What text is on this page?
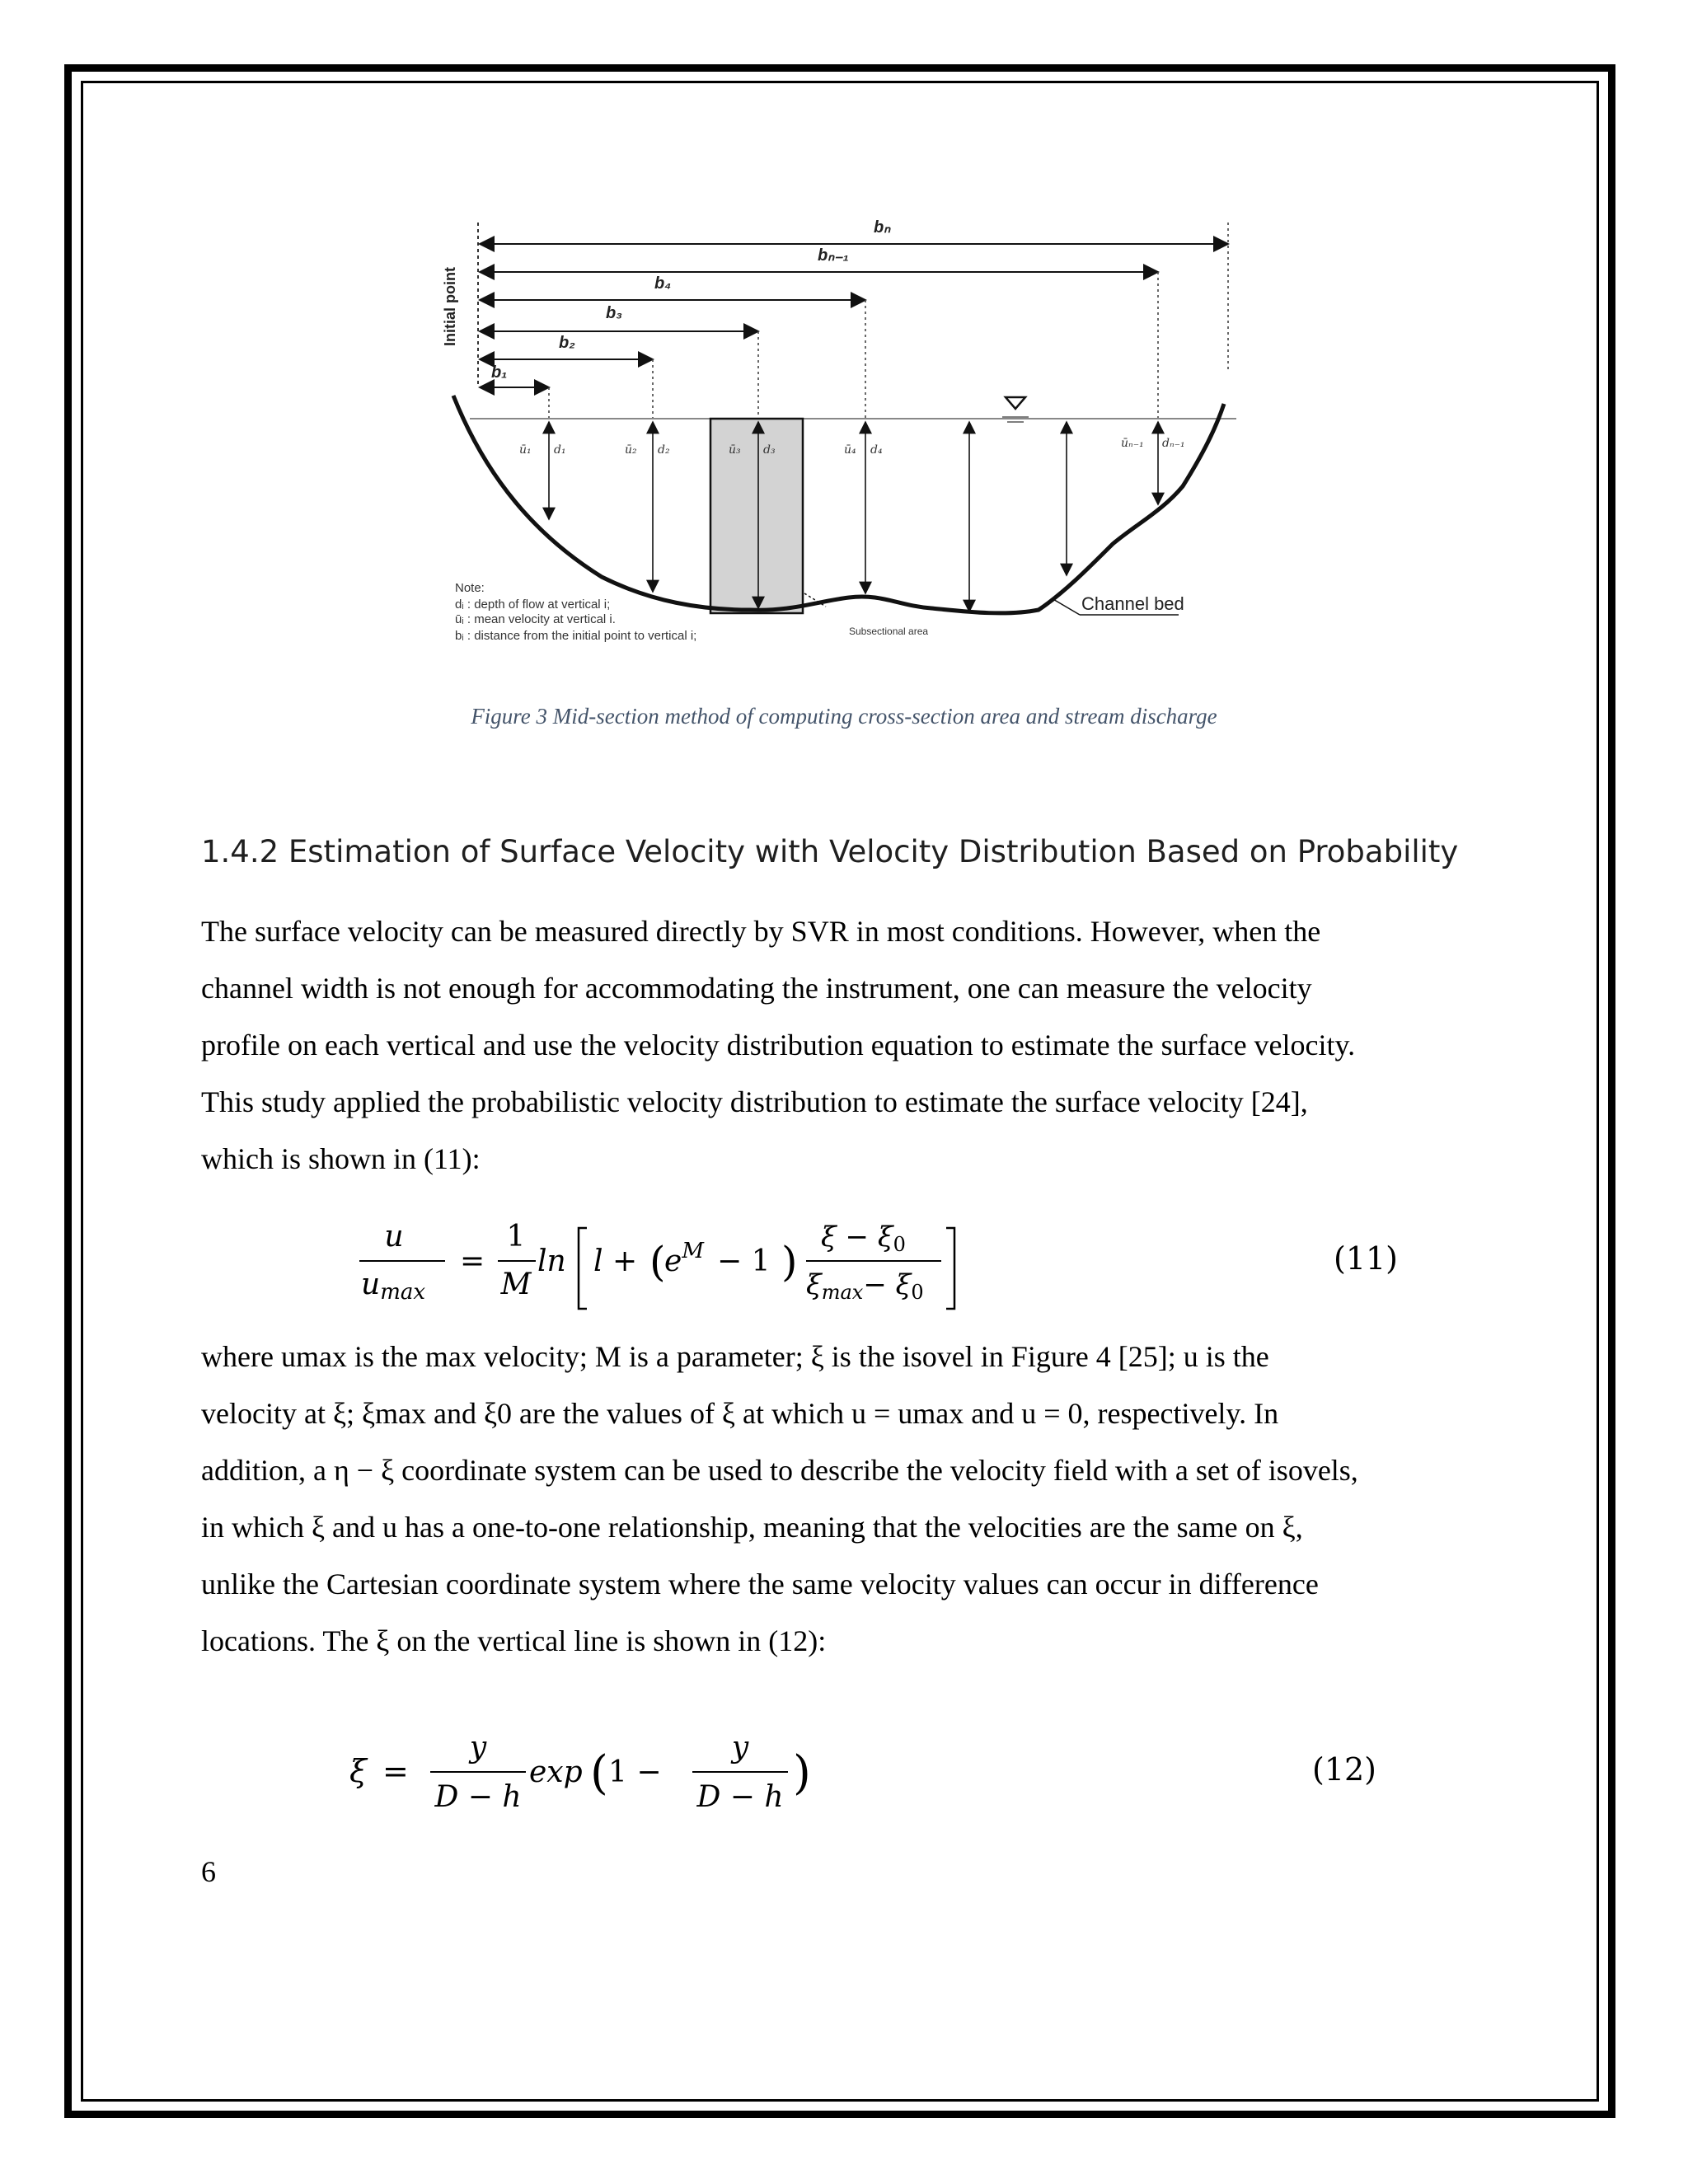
Initial point
bₙ
bₙ₋₁
b₄
b₃
b₂
b₁
ū₁ d₁	ū₂ d₂	ū₃ d₃	ū₄ d₄	ūₙ₋₁ dₙ₋₁
Channel bed
Subsectional area
Note:
dᵢ : depth of flow at vertical i;
ūᵢ : mean velocity at vertical i.
bᵢ : distance from the initial point to vertical i;
Figure 3 Mid-section method of computing cross-section area and stream discharge
1.4.2 Estimation of Surface Velocity with Velocity Distribution Based on Probability
The surface velocity can be measured directly by SVR in most conditions. However, when the
channel width is not enough for accommodating the instrument, one can measure the velocity
profile on each vertical and use the velocity distribution equation to estimate the surface velocity.
This study applied the probabilistic velocity distribution to estimate the surface velocity [24],
which is shown in (11):
u
umax
=
1
M
ln l + (
$e^M - 1$ )
ξ − ξ0
ξmax− ξ0
(11)
where umax is the max velocity; M is a parameter; ξ is the isovel in Figure 4 [25]; u is the
velocity at ξ; ξmax and ξ0 are the values of ξ at which u = umax and u = 0, respectively. In
addition, a η − ξ coordinate system can be used to describe the velocity field with a set of isovels,
in which ξ and u has a one-to-one relationship, meaning that the velocities are the same on ξ,
unlike the Cartesian coordinate system where the same velocity values can occur in difference
locations. The ξ on the vertical line is shown in (12):
ξ =
y
D − h
exp ( 1 −
y
D − h )	(12)
6
